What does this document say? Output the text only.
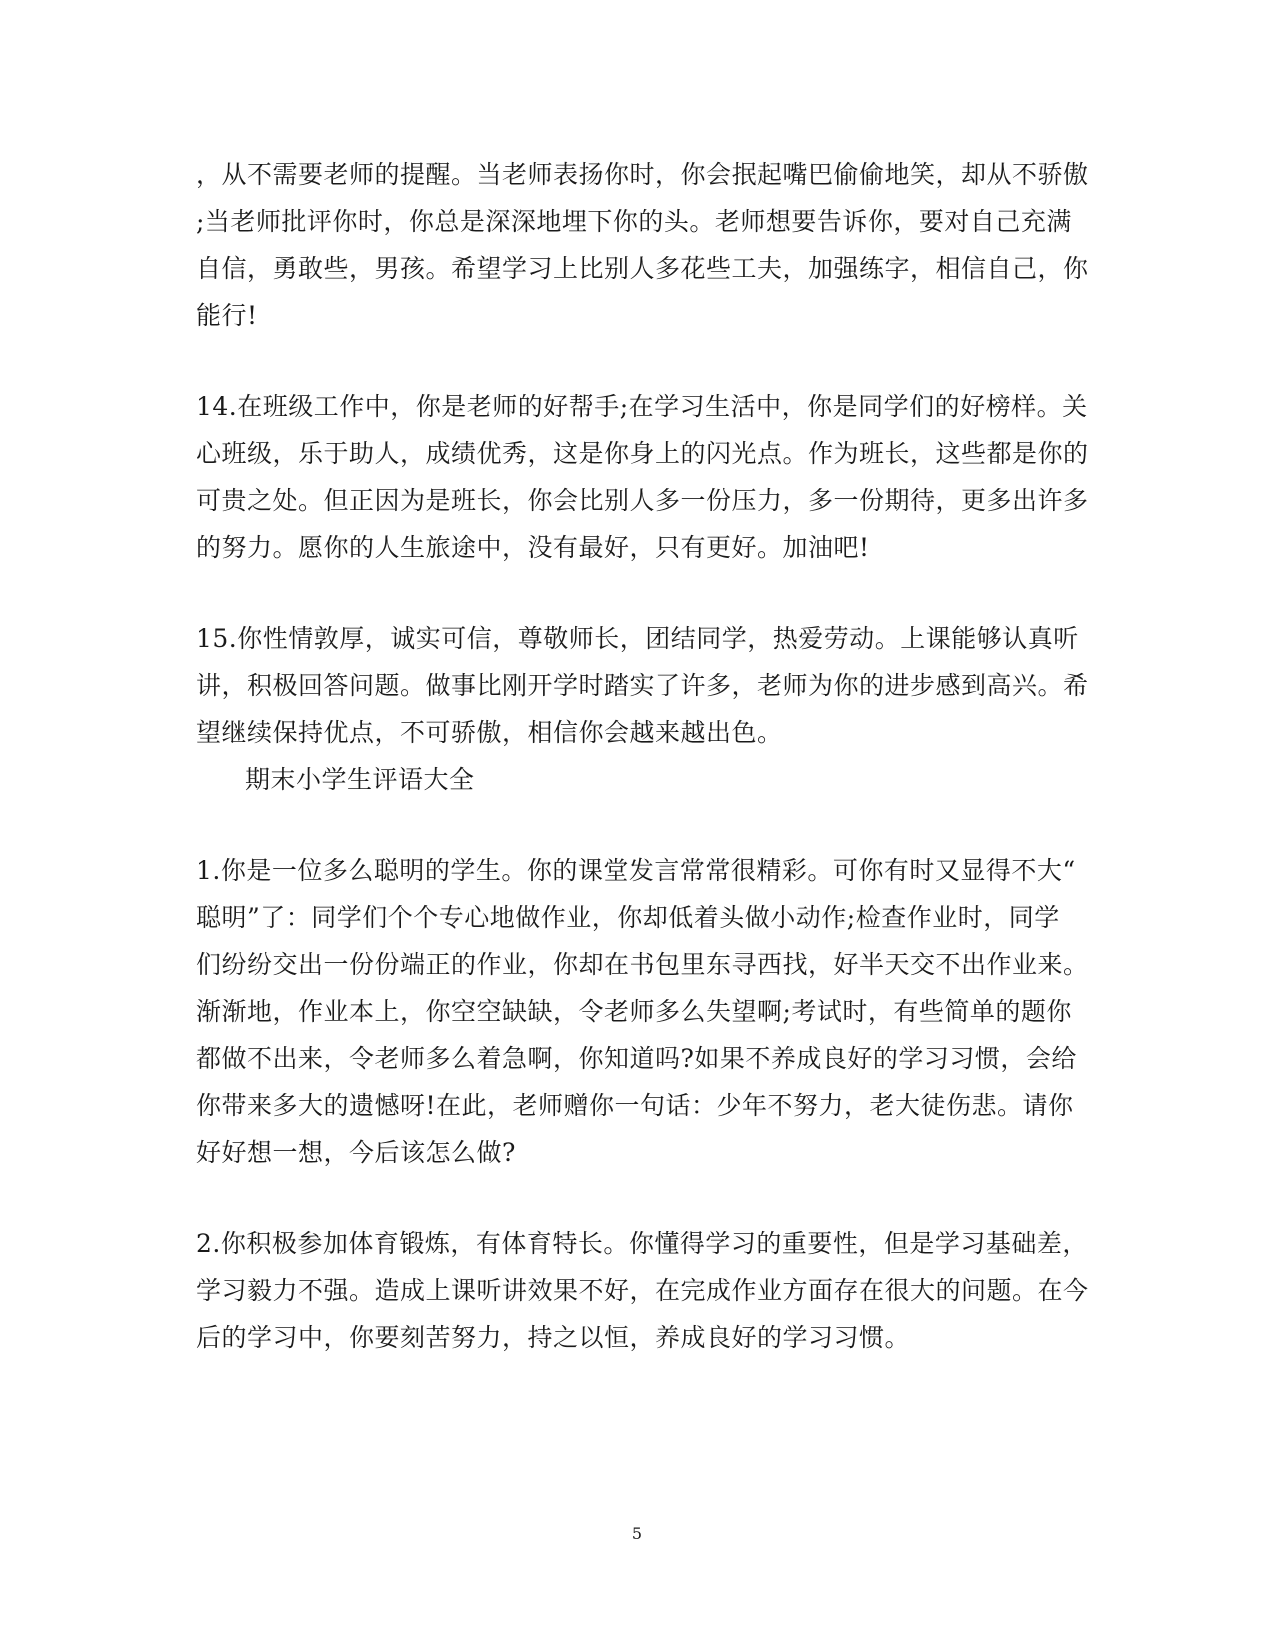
，从不需要老师的提醒。当老师表扬你时，你会抿起嘴巴偷偷地笑，却从不骄傲
;当老师批评你时，你总是深深地埋下你的头。老师想要告诉你，要对自己充满
自信，勇敢些，男孩。希望学习上比别人多花些工夫，加强练字，相信自己，你
能行!
14.在班级工作中，你是老师的好帮手;在学习生活中，你是同学们的好榜样。关
心班级，乐于助人，成绩优秀，这是你身上的闪光点。作为班长，这些都是你的
可贵之处。但正因为是班长，你会比别人多一份压力，多一份期待，更多出许多
的努力。愿你的人生旅途中，没有最好，只有更好。加油吧!
15.你性情敦厚，诚实可信，尊敬师长，团结同学，热爱劳动。上课能够认真听
讲，积极回答问题。做事比刚开学时踏实了许多，老师为你的进步感到高兴。希
望继续保持优点，不可骄傲，相信你会越来越出色。
期末小学生评语大全
1.你是一位多么聪明的学生。你的课堂发言常常很精彩。可你有时又显得不大“
聪明”了：同学们个个专心地做作业，你却低着头做小动作;检查作业时，同学
们纷纷交出一份份端正的作业，你却在书包里东寻西找，好半天交不出作业来。
渐渐地，作业本上，你空空缺缺，令老师多么失望啊;考试时，有些简单的题你
都做不出来，令老师多么着急啊，你知道吗?如果不养成良好的学习习惯，会给
你带来多大的遗憾呀!在此，老师赠你一句话：少年不努力，老大徒伤悲。请你
好好想一想，今后该怎么做?
2.你积极参加体育锻炼，有体育特长。你懂得学习的重要性，但是学习基础差，
学习毅力不强。造成上课听讲效果不好，在完成作业方面存在很大的问题。在今
后的学习中，你要刻苦努力，持之以恒，养成良好的学习习惯。
5
